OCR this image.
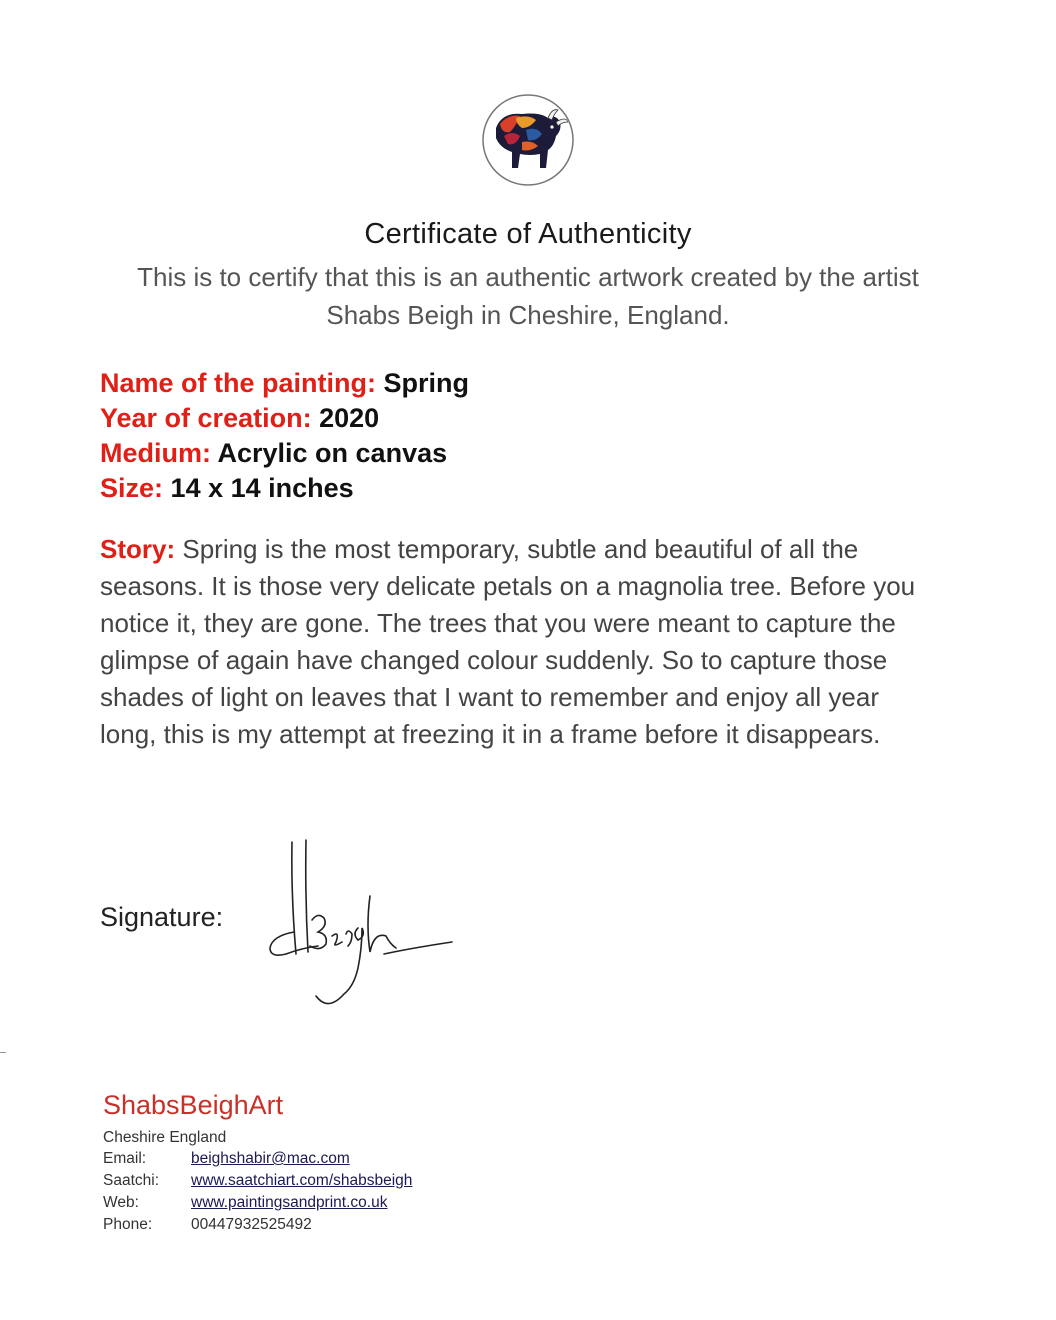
Certificate of Authenticity
This is to certify that this is an authentic artwork created by the artist
Shabs Beigh in Cheshire, England.
Name of the painting: Spring
Year of creation: 2020
Medium: Acrylic on canvas
Size: 14 x 14 inches
Story: Spring is the most temporary, subtle and beautiful of all the
seasons. It is those very delicate petals on a magnolia tree. Before you
notice it, they are gone. The trees that you were meant to capture the
glimpse of again have changed colour suddenly. So to capture those
shades of light on leaves that I want to remember and enjoy all year
long, this is my attempt at freezing it in a frame before it disappears.
Signature:
ShabsBeighArt
Cheshire England
Email:	beighshabir@mac.com
Saatchi: www.saatchiart.com/shabsbeigh
Web:	www.paintingsandprint.co.uk
Phone:	00447932525492
